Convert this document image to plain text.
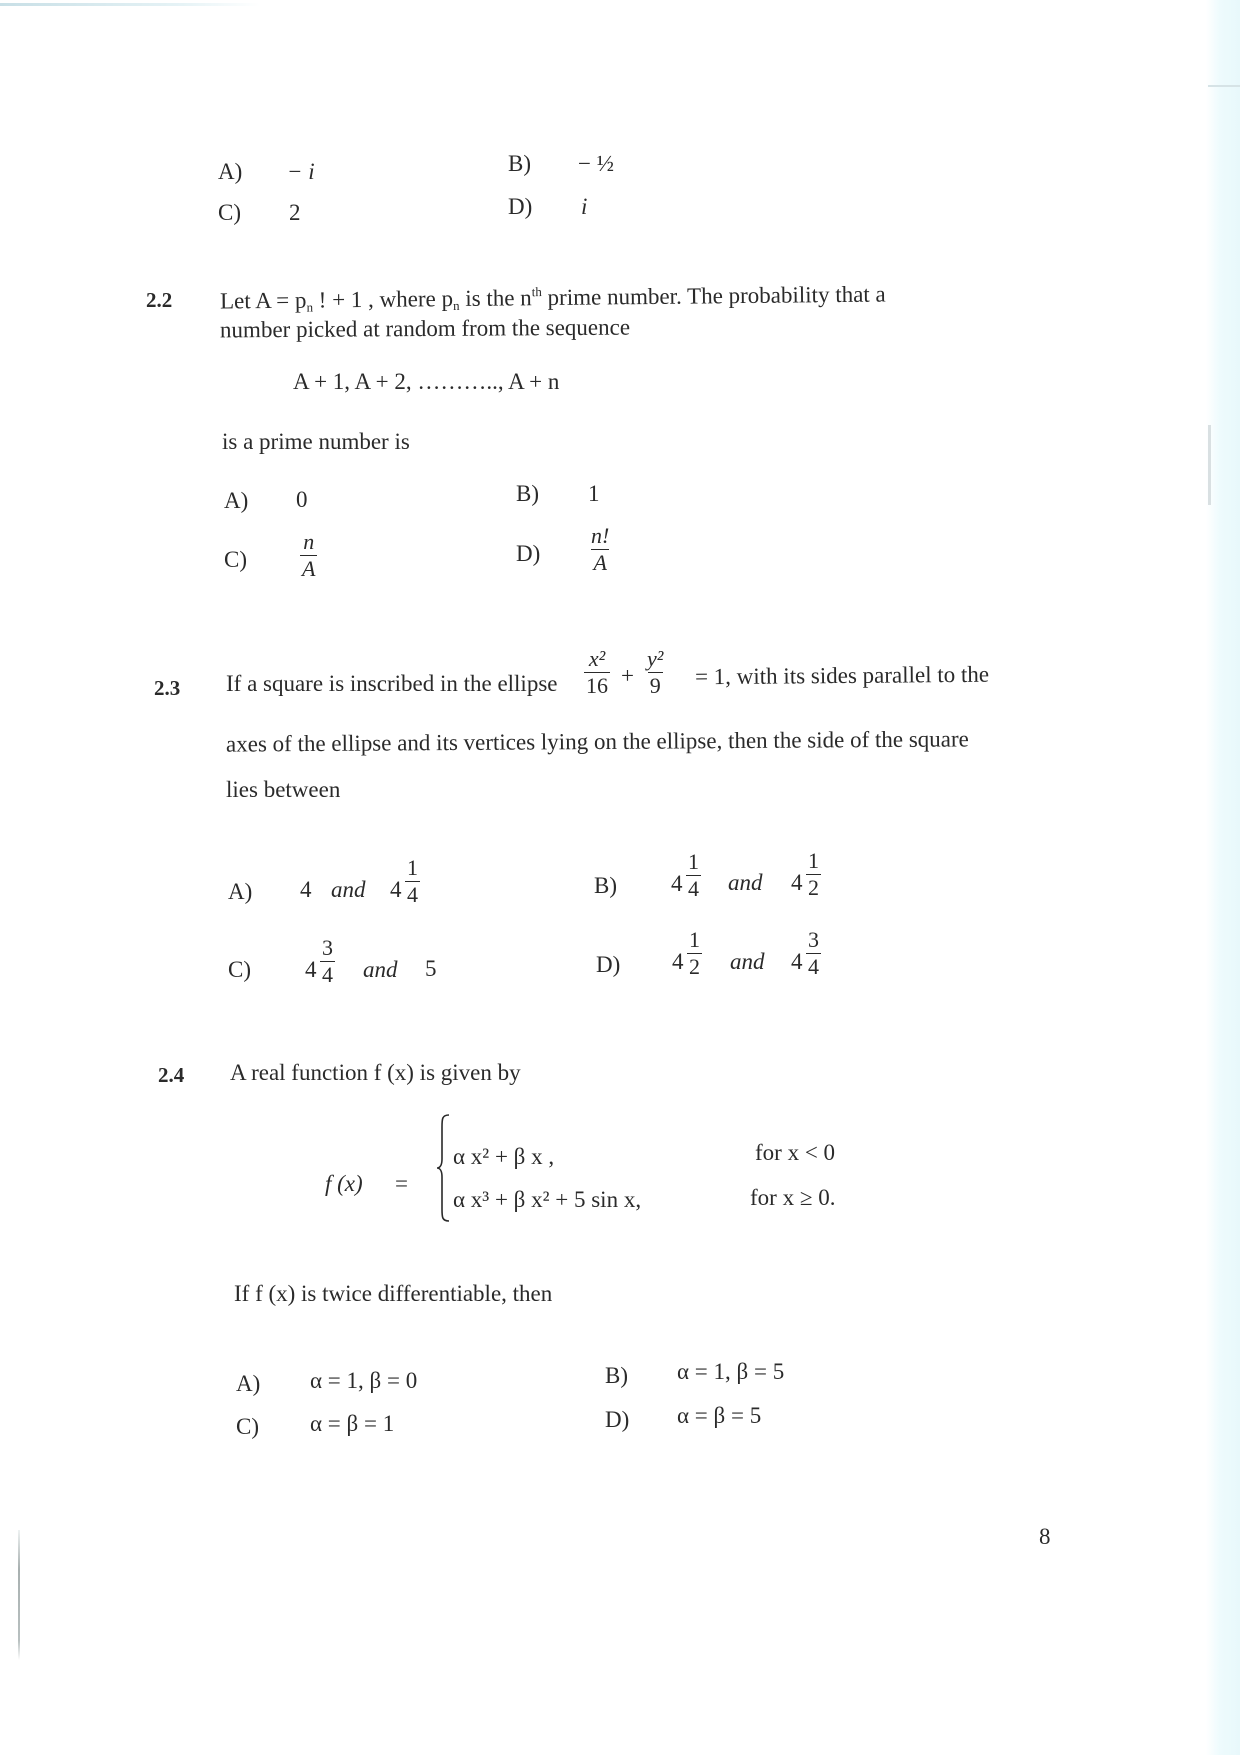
A) − i	B) − ½
C) 2	D) i
2.2 Let $A = p_n$ ! + 1 , where $p_n$ is the $n^{th}$ prime number. The probability that a
number picked at random from the sequence
A + 1, A + 2, ……….., A + n
is a prime number is
A) 0	B) 1
$C) \frac{n}{A}$	$D) \frac{n!}{A}$
2.3 If a square is inscribed in the ellipse $\frac{\text{x²}}{16} + \frac{\text{y²}}{9} = 1$, with its sides parallel to the
axes of the ellipse and its vertices lying on the ellipse, then the side of the square
lies between
A) 4 and $4 \frac{1}{4}$	B) $4 \frac{1}{4}$ and $4 \frac{1}{2}$
C) $4 \frac{3}{4}$ and 5	D) $4 \frac{1}{2}$ and $4 \frac{3}{4}$
2.4 A real function f (x) is given by
f (x) =
α x² + β x ,	for x < 0
α x³ + β x² + 5 sin x,	for x ≥ 0.
If f (x) is twice differentiable, then
A) α = 1, β = 0	B) α = 1, β = 5
C) α = β = 1	D) α = β = 5
8
